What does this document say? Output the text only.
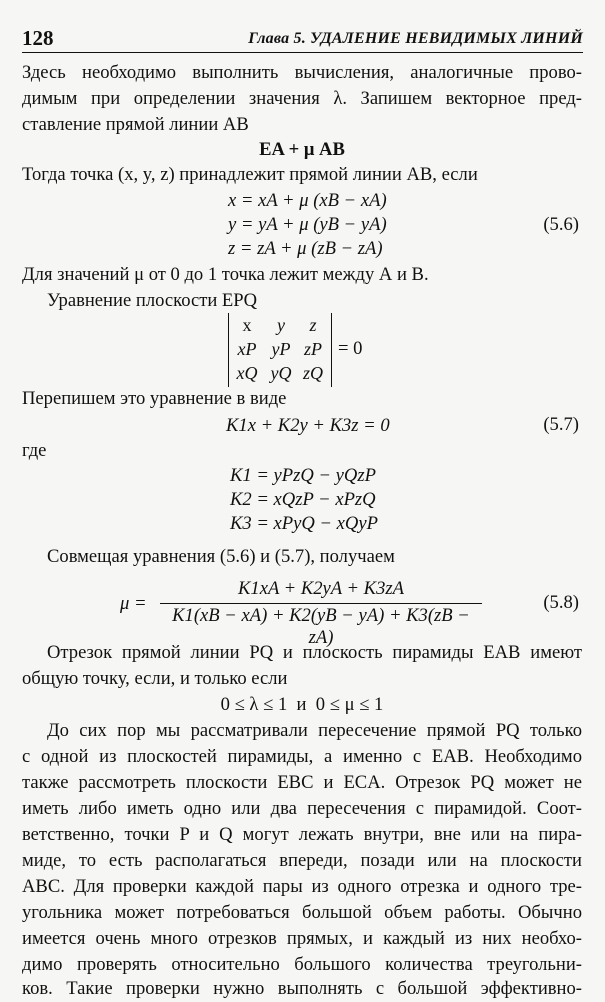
128	Глава 5. УДАЛЕНИЕ НЕВИДИМЫХ ЛИНИЙ
Здесь необходимо выполнить вычисления, аналогичные прово-
димым при определении значения λ. Запишем векторное пред-
ставление прямой линии АВ
EA + μ AB
Тогда точка (x, y, z) принадлежит прямой линии АВ, если
x = xA + μ (xB − xA)
y = yA + μ (yB − yA)
z = zA + μ (zB − zA)
(5.6)
Для значений μ от 0 до 1 точка лежит между А и В.
Уравнение плоскости EPQ
x	y	z
xP yP zP
xQ yQ zQ
= 0
Перепишем это уравнение в виде
K1x + K2y + K3z = 0	(5.7)
где
K1 = yPzQ − yQzP
K2 = xQzP − xPzQ
K3 = xPyQ − xQyP
Совмещая уравнения (5.6) и (5.7), получаем
μ =
K1xA + K2yA + K3zA
K1(xB − xA) + K2(yB − yA) + K3(zB − zA)
(5.8)
Отрезок прямой линии PQ и плоскость пирамиды EAB имеют
общую точку, если, и только если
0 ≤ λ ≤ 1  и  0 ≤ μ ≤ 1
До сих пор мы рассматривали пересечение прямой PQ только
с одной из плоскостей пирамиды, а именно с EAB. Необходимо
также рассмотреть плоскости EBC и ECA. Отрезок PQ может не
иметь либо иметь одно или два пересечения с пирамидой. Соот-
ветственно, точки P и Q могут лежать внутри, вне или на пира-
миде, то есть располагаться впереди, позади или на плоскости
ABC. Для проверки каждой пары из одного отрезка и одного тре-
угольника может потребоваться большой объем работы. Обычно
имеется очень много отрезков прямых, и каждый из них необхо-
димо проверять относительно большого количества треугольни-
ков. Такие проверки нужно выполнять с большой эффективно-
